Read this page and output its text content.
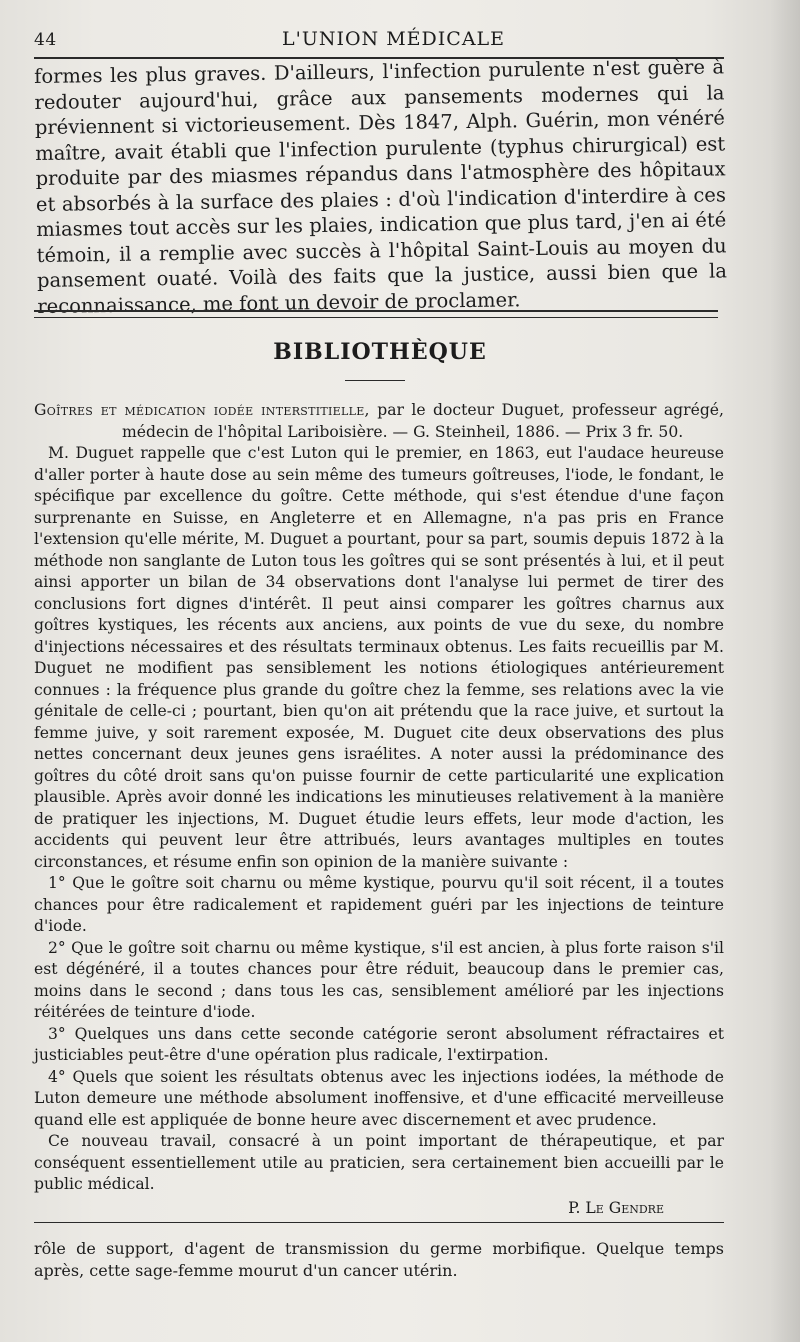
44	L'UNION MÉDICALE

formes les plus graves. D'ailleurs, l'infection purulente n'est guère à redouter aujourd'hui, grâce aux pansements modernes qui la préviennent si victorieusement. Dès 1847, Alph. Guérin, mon vénéré maître, avait établi que l'infection purulente (typhus chirurgical) est produite par des miasmes répandus dans l'atmosphère des hôpitaux et absorbés à la surface des plaies : d'où l'indication d'interdire à ces miasmes tout accès sur les plaies, indication que plus tard, j'en ai été témoin, il a remplie avec succès à l'hôpital Saint-Louis au moyen du pansement ouaté. Voilà des faits que la justice, aussi bien que la reconnaissance, me font un devoir de proclamer.

BIBLIOTHÈQUE

Goîtres et médication iodée interstitielle, par le docteur Duguet, professeur agrégé, médecin de l'hôpital Lariboisière. — G. Steinheil, 1886. — Prix 3 fr. 50.

M. Duguet rappelle que c'est Luton qui le premier, en 1863, eut l'audace heureuse d'aller porter à haute dose au sein même des tumeurs goîtreuses, l'iode, le fondant, le spécifique par excellence du goître. Cette méthode, qui s'est étendue d'une façon surprenante en Suisse, en Angleterre et en Allemagne, n'a pas pris en France l'extension qu'elle mérite, M. Duguet a pourtant, pour sa part, soumis depuis 1872 à la méthode non sanglante de Luton tous les goîtres qui se sont présentés à lui, et il peut ainsi apporter un bilan de 34 observations dont l'analyse lui permet de tirer des conclusions fort dignes d'intérêt. Il peut ainsi comparer les goîtres charnus aux goîtres kystiques, les récents aux anciens, aux points de vue du sexe, du nombre d'injections nécessaires et des résultats terminaux obtenus. Les faits recueillis par M. Duguet ne modifient pas sensiblement les notions étiologiques antérieurement connues : la fréquence plus grande du goître chez la femme, ses relations avec la vie génitale de celle-ci ; pourtant, bien qu'on ait prétendu que la race juive, et surtout la femme juive, y soit rarement exposée, M. Duguet cite deux observations des plus nettes concernant deux jeunes gens israélites. A noter aussi la prédominance des goîtres du côté droit sans qu'on puisse fournir de cette particularité une explication plausible. Après avoir donné les indications les minutieuses relativement à la manière de pratiquer les injections, M. Duguet étudie leurs effets, leur mode d'action, les accidents qui peuvent leur être attribués, leurs avantages multiples en toutes circonstances, et résume enfin son opinion de la manière suivante :

1° Que le goître soit charnu ou même kystique, pourvu qu'il soit récent, il a toutes chances pour être radicalement et rapidement guéri par les injections de teinture d'iode.

2° Que le goître soit charnu ou même kystique, s'il est ancien, à plus forte raison s'il est dégénéré, il a toutes chances pour être réduit, beaucoup dans le premier cas, moins dans le second ; dans tous les cas, sensiblement amélioré par les injections réitérées de teinture d'iode.

3° Quelques uns dans cette seconde catégorie seront absolument réfractaires et justiciables peut-être d'une opération plus radicale, l'extirpation.

4° Quels que soient les résultats obtenus avec les injections iodées, la méthode de Luton demeure une méthode absolument inoffensive, et d'une efficacité merveilleuse quand elle est appliquée de bonne heure avec discernement et avec prudence.

Ce nouveau travail, consacré à un point important de thérapeutique, et par conséquent essentiellement utile au praticien, sera certainement bien accueilli par le public médical.

P. Le Gendre

rôle de support, d'agent de transmission du germe morbifique. Quelque temps après, cette sage-femme mourut d'un cancer utérin.
